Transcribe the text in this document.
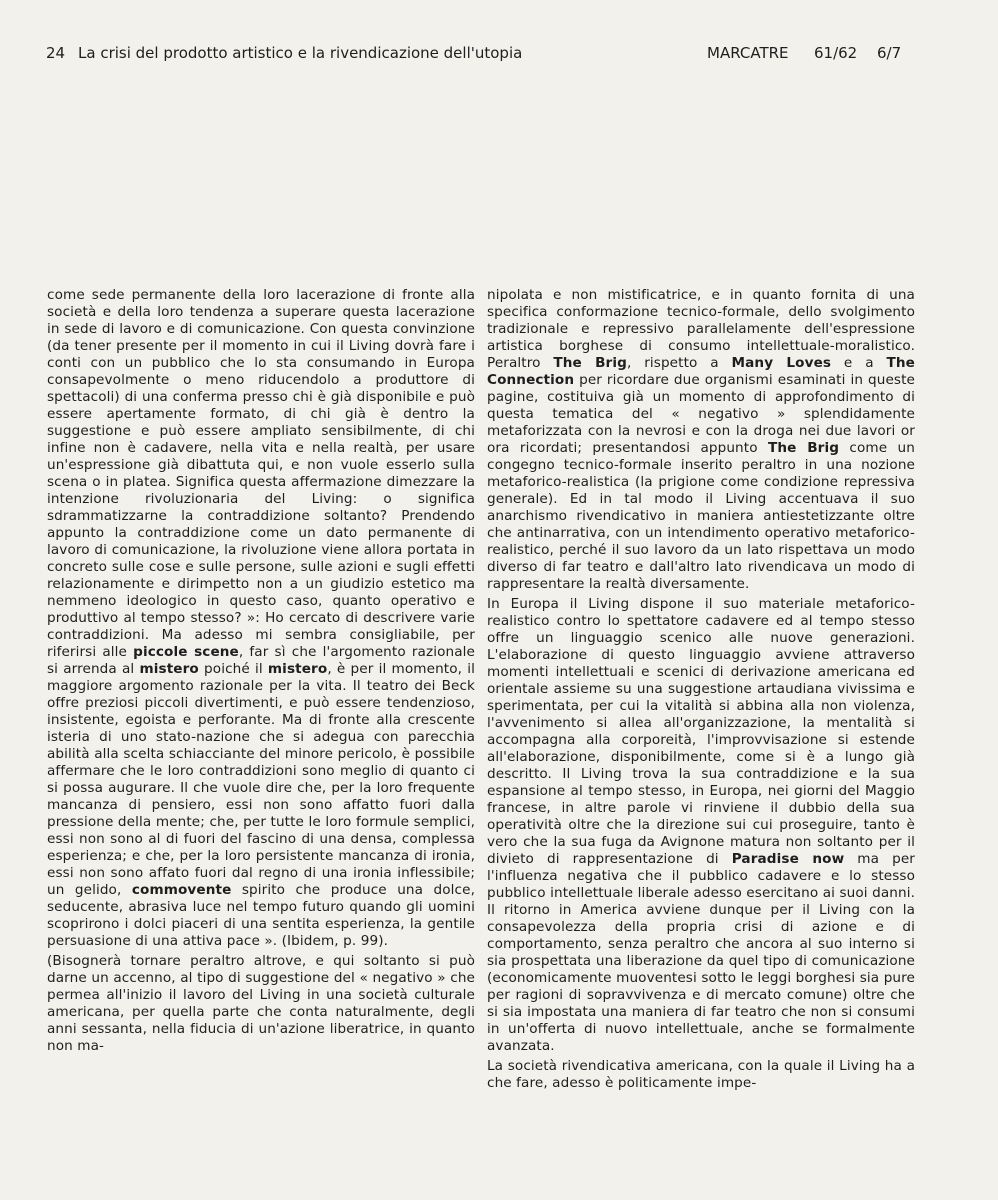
24 La crisi del prodotto artistico e la rivendicazione dell'utopia	MARCATRE 61/62 6/7

come sede permanente della loro lacerazione di fronte alla società e della loro tendenza a superare questa lacerazione in sede di lavoro e di comunicazione. Con questa convinzione (da tener presente per il momento in cui il Living dovrà fare i conti con un pubblico che lo sta consumando in Europa consapevolmente o meno riducendolo a produttore di spettacoli) di una conferma presso chi è già disponibile e può essere apertamente formato, di chi già è dentro la suggestione e può essere ampliato sensibilmente, di chi infine non è cadavere, nella vita e nella realtà, per usare un'espressione già dibattuta qui, e non vuole esserlo sulla scena o in platea. Significa questa affermazione dimezzare la intenzione rivoluzionaria del Living: o significa sdrammatizzarne la contraddizione soltanto? Prendendo appunto la contraddizione come un dato permanente di lavoro di comunicazione, la rivoluzione viene allora portata in concreto sulle cose e sulle persone, sulle azioni e sugli effetti relazionamente e dirimpetto non a un giudizio estetico ma nemmeno ideologico in questo caso, quanto operativo e produttivo al tempo stesso? »: Ho cercato di descrivere varie contraddizioni. Ma adesso mi sembra consigliabile, per riferirsi alle piccole scene, far sì che l'argomento razionale si arrenda al mistero poiché il mistero, è per il momento, il maggiore argomento razionale per la vita. Il teatro dei Beck offre preziosi piccoli divertimenti, e può essere tendenzioso, insistente, egoista e perforante. Ma di fronte alla crescente isteria di uno stato-nazione che si adegua con parecchia abilità alla scelta schiacciante del minore pericolo, è possibile affermare che le loro contraddizioni sono meglio di quanto ci si possa augurare. Il che vuole dire che, per la loro frequente mancanza di pensiero, essi non sono affatto fuori dalla pressione della mente; che, per tutte le loro formule semplici, essi non sono al di fuori del fascino di una densa, complessa esperienza; e che, per la loro persistente mancanza di ironia, essi non sono affato fuori dal regno di una ironia inflessibile; un gelido, commovente spirito che produce una dolce, seducente, abrasiva luce nel tempo futuro quando gli uomini scoprirono i dolci piaceri di una sentita esperienza, la gentile persuasione di una attiva pace ». (Ibidem, p. 99).

(Bisognerà tornare peraltro altrove, e qui soltanto si può darne un accenno, al tipo di suggestione del « negativo » che permea all'inizio il lavoro del Living in una società culturale americana, per quella parte che conta naturalmente, degli anni sessanta, nella fiducia di un'azione liberatrice, in quanto non ma-

nipolata e non mistificatrice, e in quanto fornita di una specifica conformazione tecnico-formale, dello svolgimento tradizionale e repressivo parallelamente dell'espressione artistica borghese di consumo intellettuale-moralistico. Peraltro The Brig, rispetto a Many Loves e a The Connection per ricordare due organismi esaminati in queste pagine, costituiva già un momento di approfondimento di questa tematica del « negativo » splendidamente metaforizzata con la nevrosi e con la droga nei due lavori or ora ricordati; presentandosi appunto The Brig come un congegno tecnico-formale inserito peraltro in una nozione metaforico-realistica (la prigione come condizione repressiva generale). Ed in tal modo il Living accentuava il suo anarchismo rivendicativo in maniera antiestetizzante oltre che antinarrativa, con un intendimento operativo metaforico-realistico, perché il suo lavoro da un lato rispettava un modo diverso di far teatro e dall'altro lato rivendicava un modo di rappresentare la realtà diversamente.

In Europa il Living dispone il suo materiale metaforico-realistico contro lo spettatore cadavere ed al tempo stesso offre un linguaggio scenico alle nuove generazioni. L'elaborazione di questo linguaggio avviene attraverso momenti intellettuali e scenici di derivazione americana ed orientale assieme su una suggestione artaudiana vivissima e sperimentata, per cui la vitalità si abbina alla non violenza, l'avvenimento si allea all'organizzazione, la mentalità si accompagna alla corporeità, l'improvvisazione si estende all'elaborazione, disponibilmente, come si è a lungo già descritto. Il Living trova la sua contraddizione e la sua espansione al tempo stesso, in Europa, nei giorni del Maggio francese, in altre parole vi rinviene il dubbio della sua operatività oltre che la direzione sui cui proseguire, tanto è vero che la sua fuga da Avignone matura non soltanto per il divieto di rappresentazione di Paradise now ma per l'influenza negativa che il pubblico cadavere e lo stesso pubblico intellettuale liberale adesso esercitano ai suoi danni. Il ritorno in America avviene dunque per il Living con la consapevolezza della propria crisi di azione e di comportamento, senza peraltro che ancora al suo interno si sia prospettata una liberazione da quel tipo di comunicazione (economicamente muoventesi sotto le leggi borghesi sia pure per ragioni di sopravvivenza e di mercato comune) oltre che si sia impostata una maniera di far teatro che non si consumi in un'offerta di nuovo intellettuale, anche se formalmente avanzata.

La società rivendicativa americana, con la quale il Living ha a che fare, adesso è politicamente impe-
